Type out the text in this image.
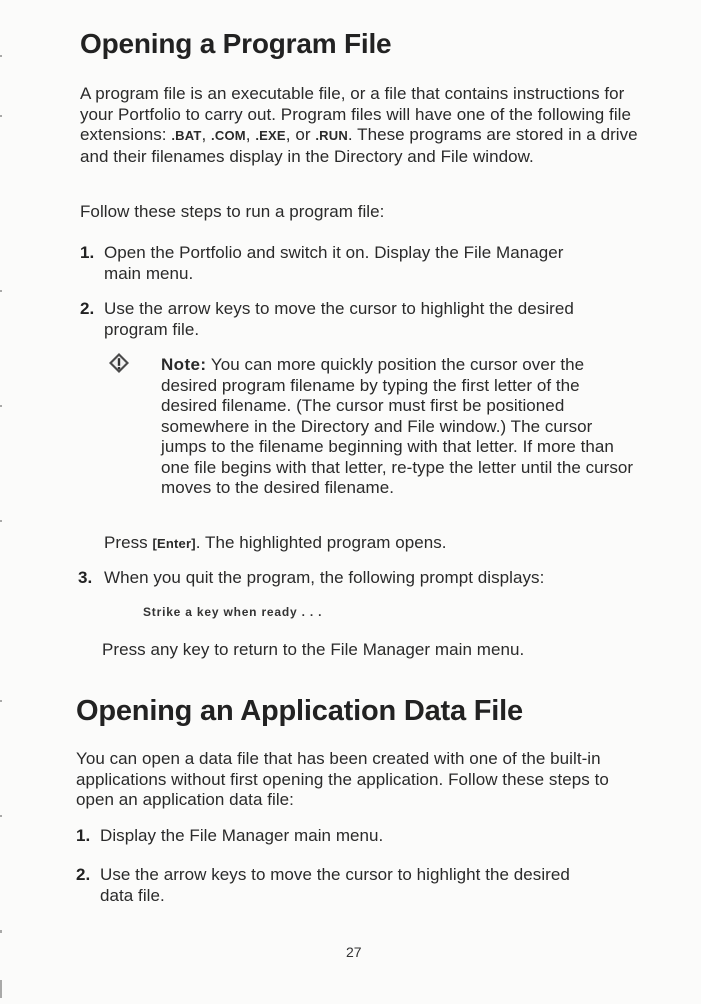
Opening a Program File

A program file is an executable file, or a file that contains instructions for your Portfolio to carry out. Program files will have one of the following file extensions: .BAT, .COM, .EXE, or .RUN. These programs are stored in a drive and their filenames display in the Directory and File window.

Follow these steps to run a program file:

1. Open the Portfolio and switch it on. Display the File Manager main menu.

2. Use the arrow keys to move the cursor to highlight the desired program file.

Note: You can more quickly position the cursor over the desired program filename by typing the first letter of the desired filename. (The cursor must first be positioned somewhere in the Directory and File window.) The cursor jumps to the filename beginning with that letter. If more than one file begins with that letter, re-type the letter until the cursor moves to the desired filename.

Press [Enter]. The highlighted program opens.

3. When you quit the program, the following prompt displays:

Strike a key when ready . . .

Press any key to return to the File Manager main menu.

Opening an Application Data File

You can open a data file that has been created with one of the built-in applications without first opening the application. Follow these steps to open an application data file:

1. Display the File Manager main menu.

2. Use the arrow keys to move the cursor to highlight the desired data file.

27
